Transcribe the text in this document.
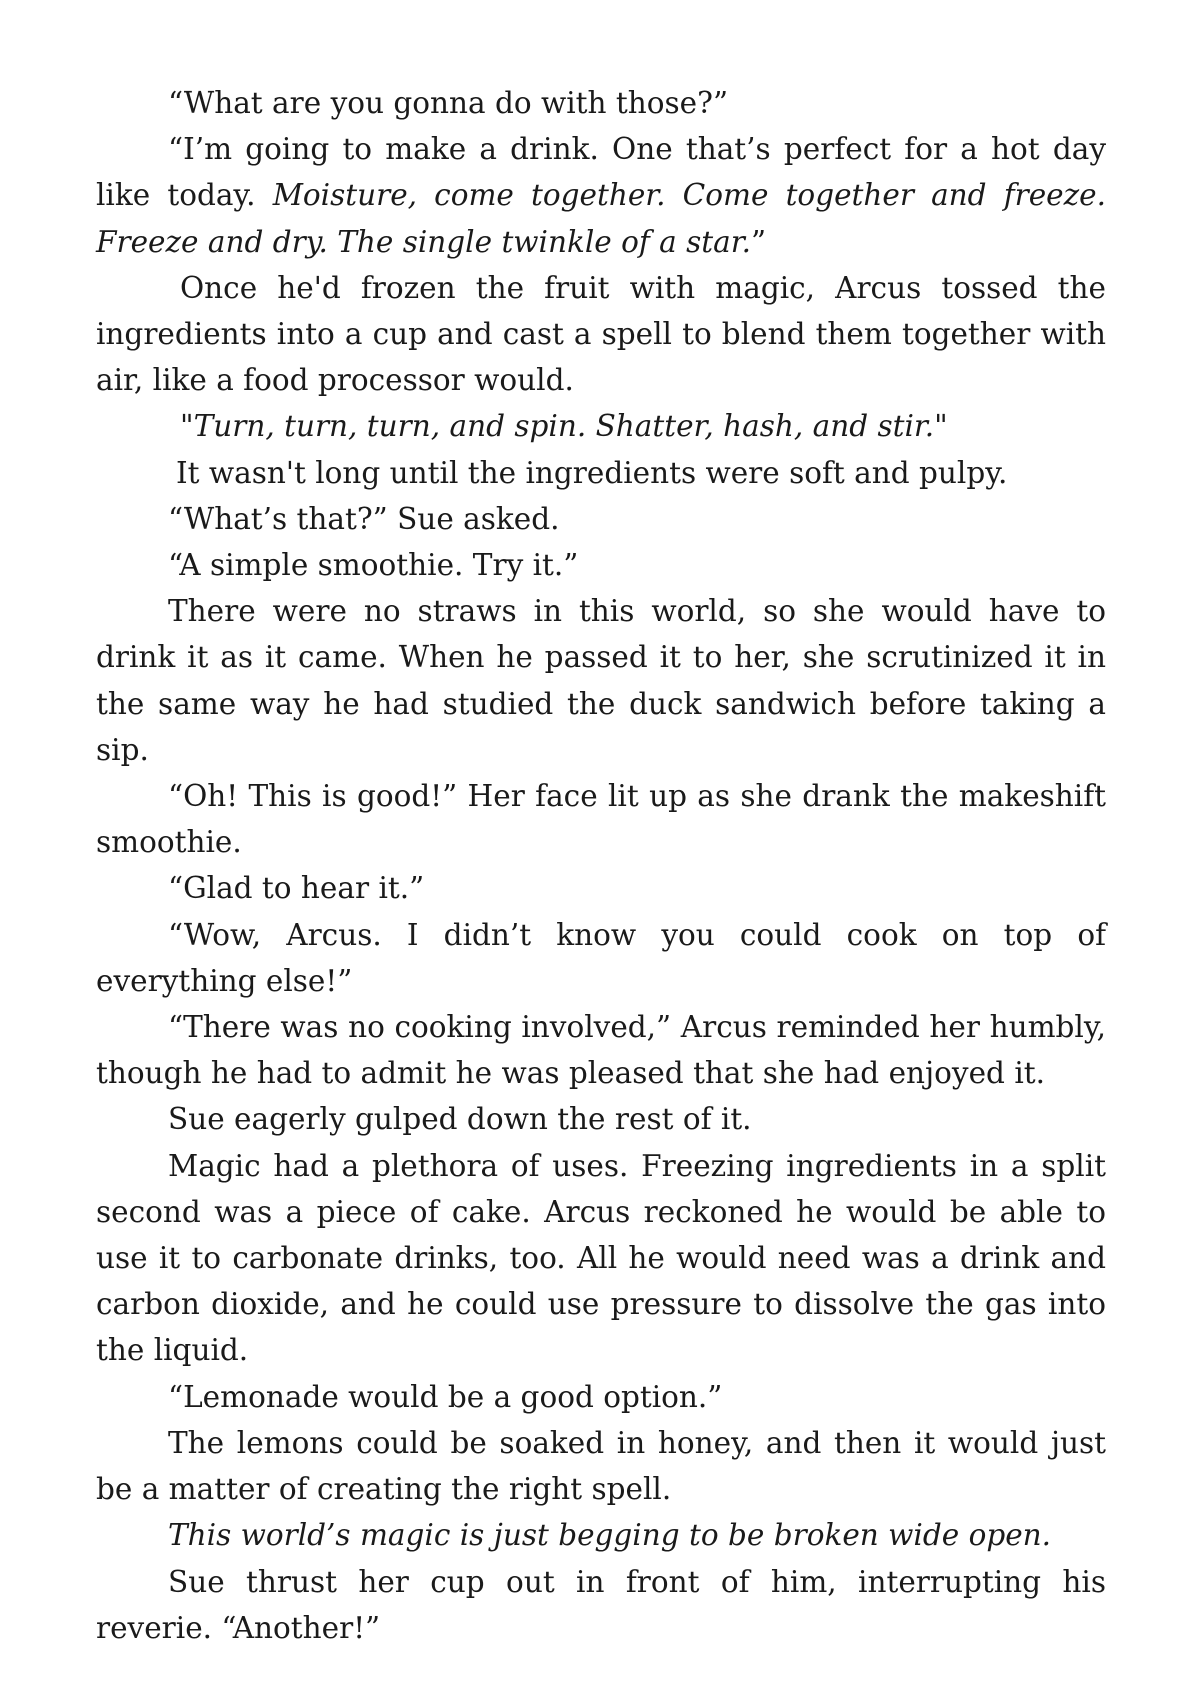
“What are you gonna do with those?”

“I’m going to make a drink. One that’s perfect for a hot day like today. Moisture, come together. Come together and freeze. Freeze and dry. The single twinkle of a star.”

Once he'd frozen the fruit with magic, Arcus tossed the ingredients into a cup and cast a spell to blend them together with air, like a food processor would.

"Turn, turn, turn, and spin. Shatter, hash, and stir."

It wasn't long until the ingredients were soft and pulpy.

“What’s that?” Sue asked.

“A simple smoothie. Try it.”

There were no straws in this world, so she would have to drink it as it came. When he passed it to her, she scrutinized it in the same way he had studied the duck sandwich before taking a sip.

“Oh! This is good!” Her face lit up as she drank the makeshift smoothie.

“Glad to hear it.”

“Wow, Arcus. I didn’t know you could cook on top of everything else!”

“There was no cooking involved,” Arcus reminded her humbly, though he had to admit he was pleased that she had enjoyed it.

Sue eagerly gulped down the rest of it.

Magic had a plethora of uses. Freezing ingredients in a split second was a piece of cake. Arcus reckoned he would be able to use it to carbonate drinks, too. All he would need was a drink and carbon dioxide, and he could use pressure to dissolve the gas into the liquid.

“Lemonade would be a good option.”

The lemons could be soaked in honey, and then it would just be a matter of creating the right spell.

This world’s magic is just begging to be broken wide open.

Sue thrust her cup out in front of him, interrupting his reverie. “Another!”
